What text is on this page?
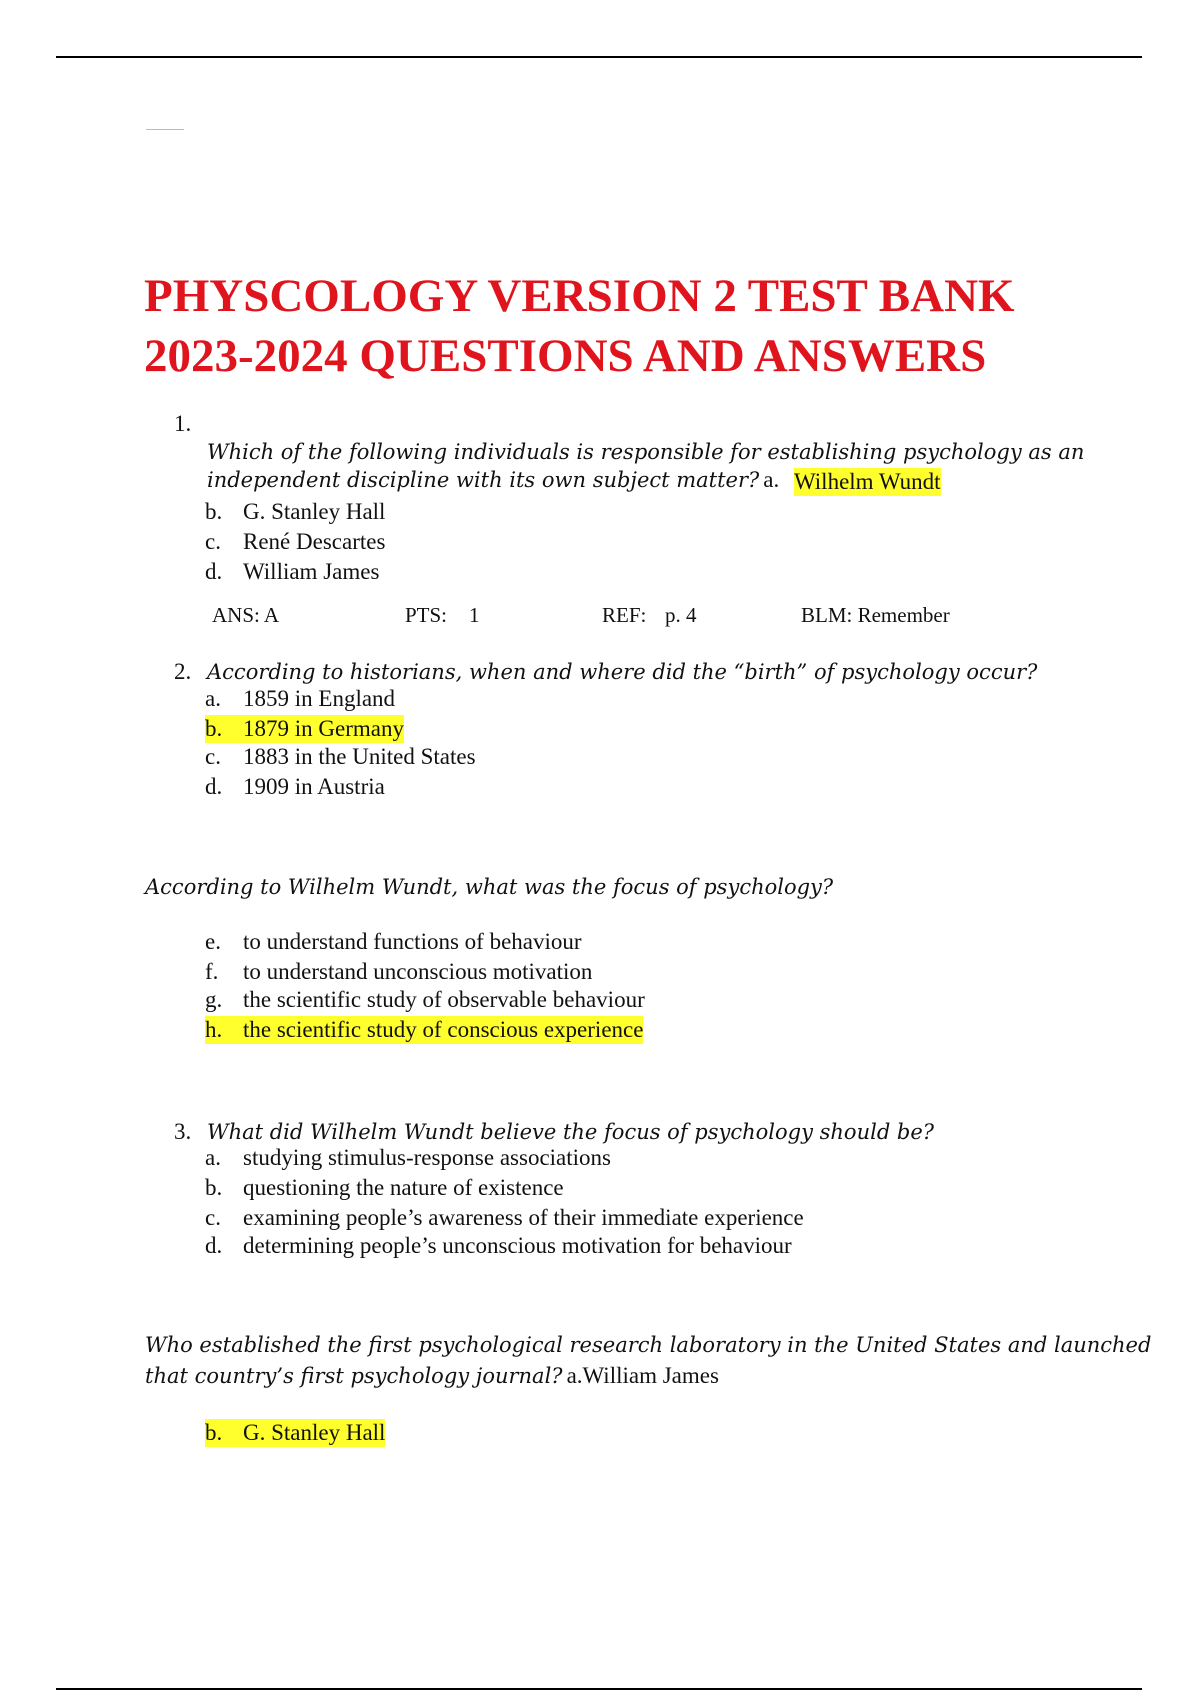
PHYSCOLOGY VERSION 2 TEST BANK
2023-2024 QUESTIONS AND ANSWERS
1.
Which of the following individuals is responsible for establishing psychology as an
independent discipline with its own subject matter? a. Wilhelm Wundt
b. G. Stanley Hall
c. René Descartes
d. William James
ANS: A	PTS: 1	REF: p. 4	BLM: Remember
2. According to historians, when and where did the “birth” of psychology occur?
a. 1859 in England
b. 1879 in Germany
c. 1883 in the United States
d. 1909 in Austria
According to Wilhelm Wundt, what was the focus of psychology?
e. to understand functions of behaviour
f. to understand unconscious motivation
g. the scientific study of observable behaviour
h. the scientific study of conscious experience
3. What did Wilhelm Wundt believe the focus of psychology should be?
a. studying stimulus-response associations
b. questioning the nature of existence
c. examining people’s awareness of their immediate experience
d. determining people’s unconscious motivation for behaviour
Who established the first psychological research laboratory in the United States and launched
that country’s first psychology journal? a.William James
b. G. Stanley Hall
